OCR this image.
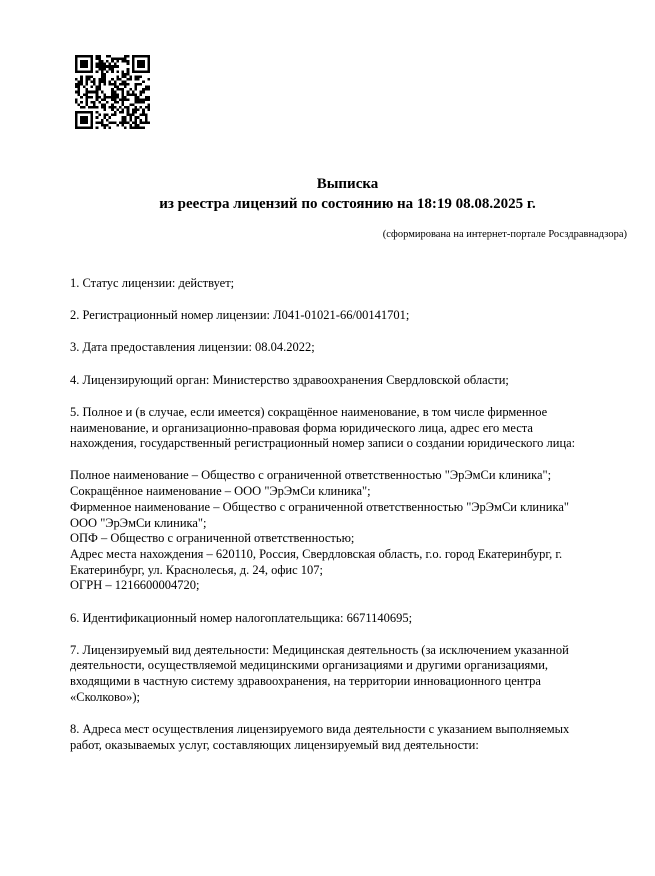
Выписка
из реестра лицензий по состоянию на 18:19 08.08.2025 г.
(сформирована на интернет-портале Росздравнадзора)
1. Статус лицензии: действует;
2. Регистрационный номер лицензии: Л041-01021-66/00141701;
3. Дата предоставления лицензии: 08.04.2022;
4. Лицензирующий орган: Министерство здравоохранения Свердловской области;
5. Полное и (в случае, если имеется) сокращённое наименование, в том числе фирменное
наименование, и организационно-правовая форма юридического лица, адрес его места
нахождения, государственный регистрационный номер записи о создании юридического лица:
Полное наименование – Общество с ограниченной ответственностью "ЭрЭмСи клиника";
Сокращённое наименование – ООО "ЭрЭмСи клиника";
Фирменное наименование – Общество с ограниченной ответственностью "ЭрЭмСи клиника"
ООО "ЭрЭмСи клиника";
ОПФ – Общество с ограниченной ответственностью;
Адрес места нахождения – 620110, Россия, Свердловская область, г.о. город Екатеринбург, г.
Екатеринбург, ул. Краснолесья, д. 24, офис 107;
ОГРН – 1216600004720;
6. Идентификационный номер налогоплательщика: 6671140695;
7. Лицензируемый вид деятельности: Медицинская деятельность (за исключением указанной
деятельности, осуществляемой медицинскими организациями и другими организациями,
входящими в частную систему здравоохранения, на территории инновационного центра
«Сколково»);
8. Адреса мест осуществления лицензируемого вида деятельности с указанием выполняемых
работ, оказываемых услуг, составляющих лицензируемый вид деятельности:
